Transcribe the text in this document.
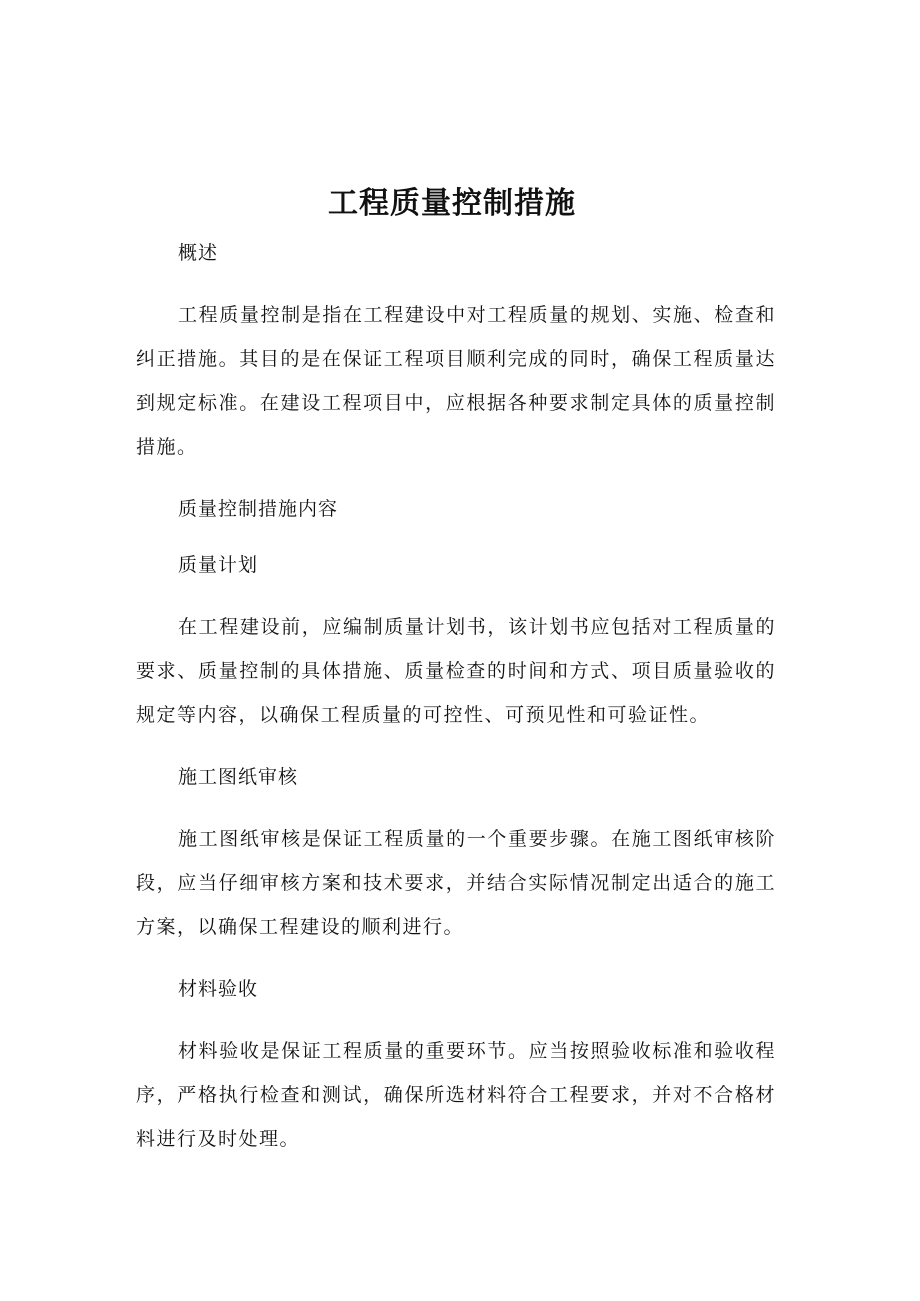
工程质量控制措施

概述

工程质量控制是指在工程建设中对工程质量的规划、实施、检查和纠正措施。其目的是在保证工程项目顺利完成的同时，确保工程质量达到规定标准。在建设工程项目中，应根据各种要求制定具体的质量控制措施。

质量控制措施内容

质量计划

在工程建设前，应编制质量计划书，该计划书应包括对工程质量的要求、质量控制的具体措施、质量检查的时间和方式、项目质量验收的规定等内容，以确保工程质量的可控性、可预见性和可验证性。

施工图纸审核

施工图纸审核是保证工程质量的一个重要步骤。在施工图纸审核阶段，应当仔细审核方案和技术要求，并结合实际情况制定出适合的施工方案，以确保工程建设的顺利进行。

材料验收

材料验收是保证工程质量的重要环节。应当按照验收标准和验收程序，严格执行检查和测试，确保所选材料符合工程要求，并对不合格材料进行及时处理。
